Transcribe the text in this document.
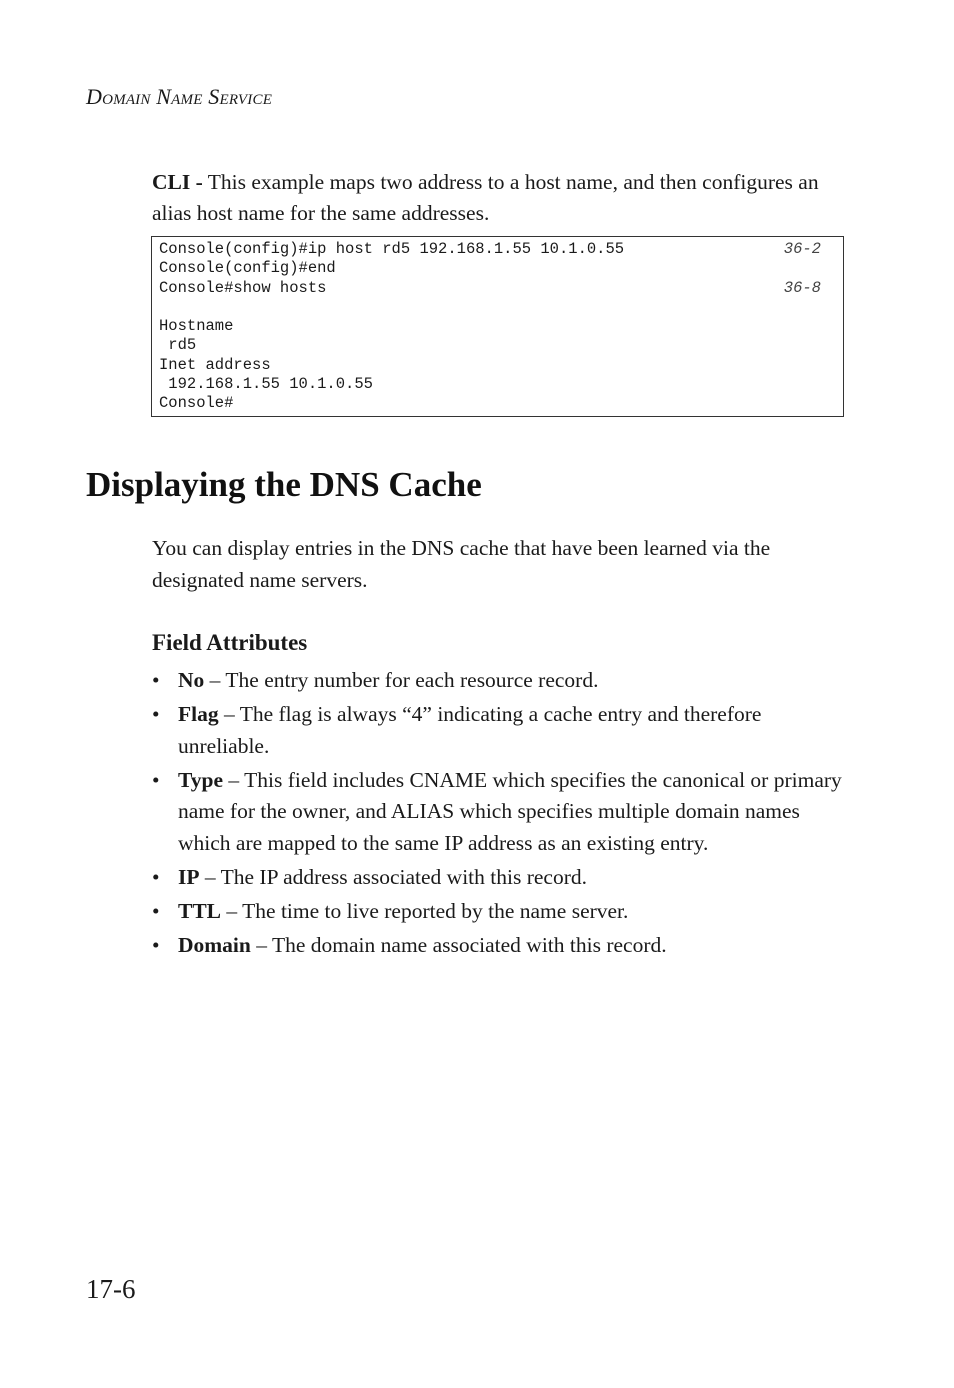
Domain Name Service

CLI - This example maps two address to a host name, and then configures an alias host name for the same addresses.

Console(config)#ip host rd5 192.168.1.55 10.1.0.55	36-2
Console(config)#end
Console#show hosts	36-8
Hostname
rd5
Inet address
192.168.1.55 10.1.0.55
Console#
Displaying the DNS Cache

You can display entries in the DNS cache that have been learned via the designated name servers.

Field Attributes
• No – The entry number for each resource record.
• Flag – The flag is always “4” indicating a cache entry and therefore unreliable.
• Type – This field includes CNAME which specifies the canonical or primary name for the owner, and ALIAS which specifies multiple domain names which are mapped to the same IP address as an existing entry.
• IP – The IP address associated with this record.
• TTL – The time to live reported by the name server.
• Domain – The domain name associated with this record.
17-6
